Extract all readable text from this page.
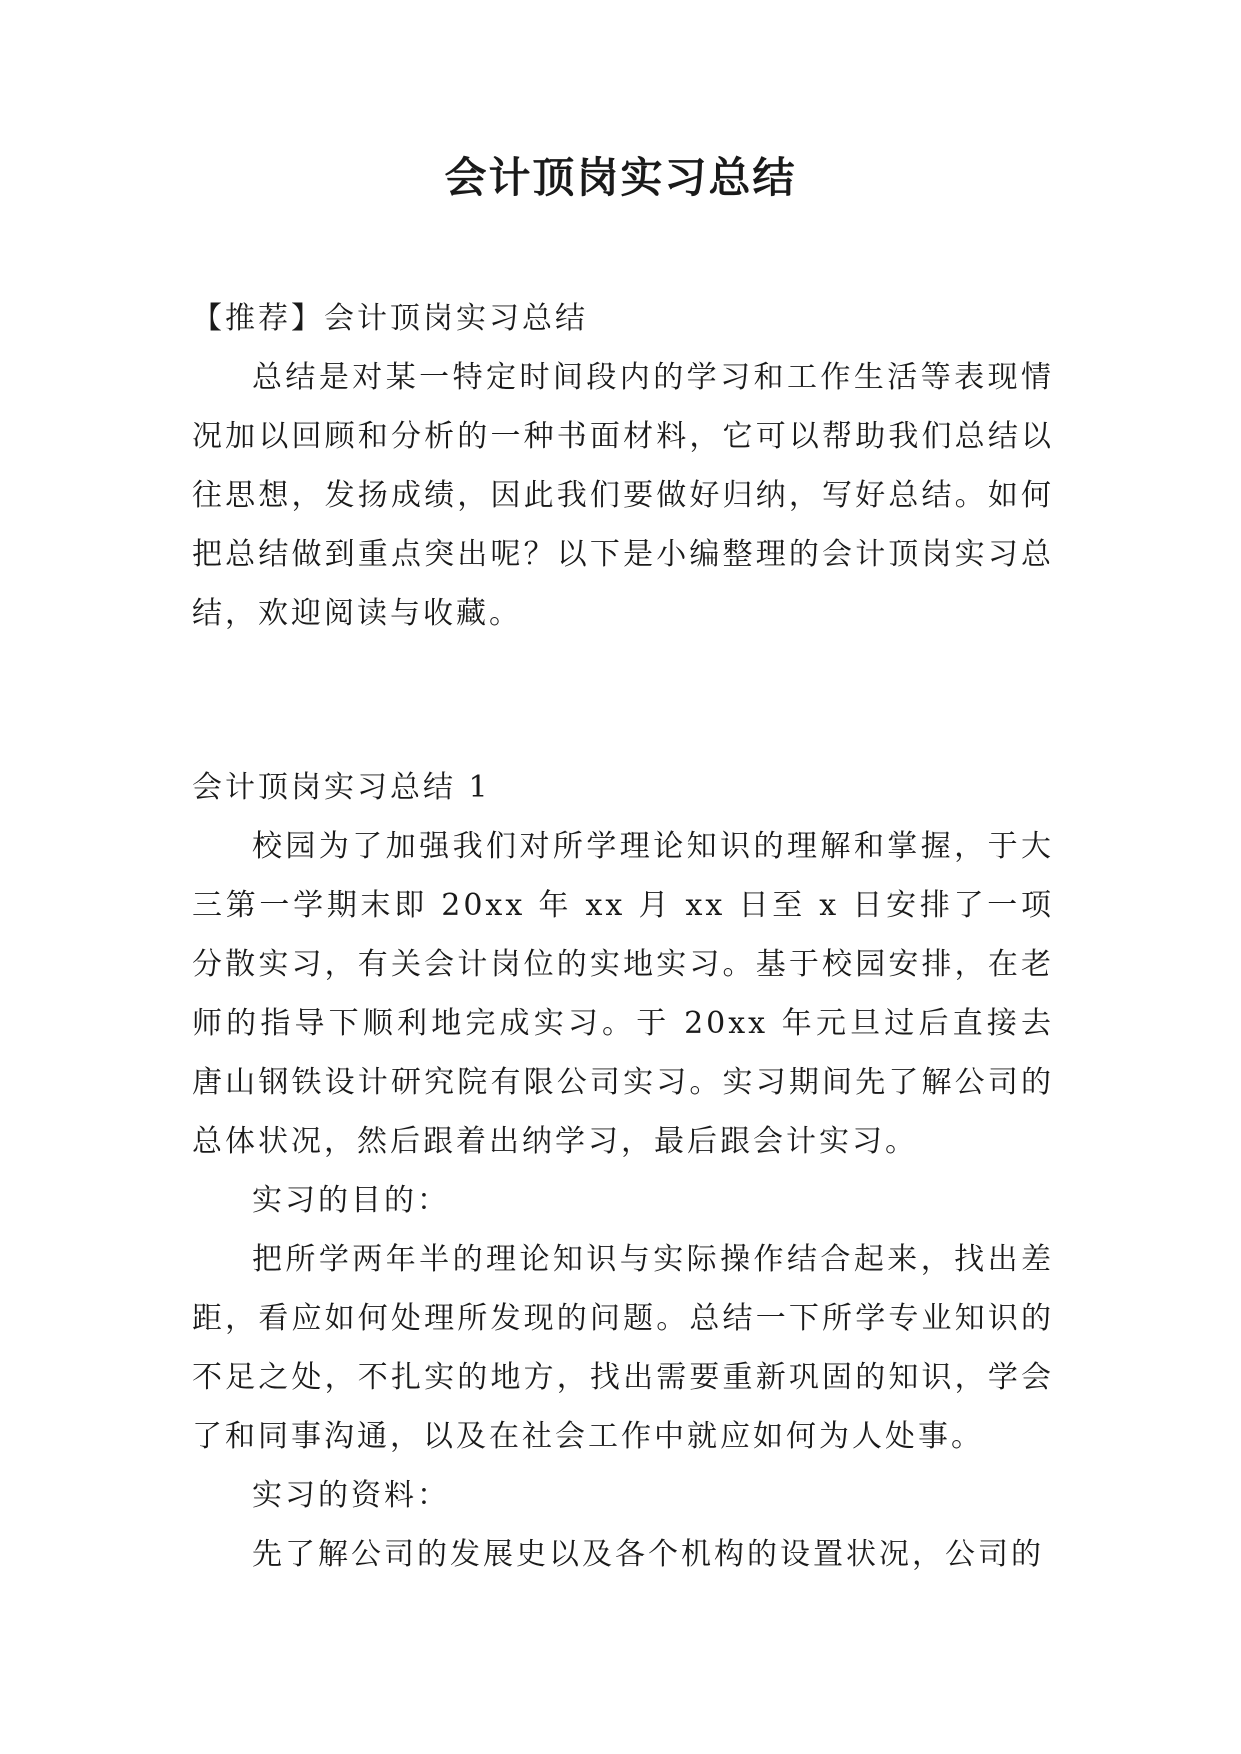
会计顶岗实习总结

【推荐】会计顶岗实习总结

总结是对某一特定时间段内的学习和工作生活等表现情况加以回顾和分析的一种书面材料，它可以帮助我们总结以往思想，发扬成绩，因此我们要做好归纳，写好总结。如何把总结做到重点突出呢？以下是小编整理的会计顶岗实习总结，欢迎阅读与收藏。

会计顶岗实习总结 1

校园为了加强我们对所学理论知识的理解和掌握，于大三第一学期末即 20xx 年 xx 月 xx 日至 x 日安排了一项分散实习，有关会计岗位的实地实习。基于校园安排，在老师的指导下顺利地完成实习。于 20xx 年元旦过后直接去唐山钢铁设计研究院有限公司实习。实习期间先了解公司的总体状况，然后跟着出纳学习，最后跟会计实习。

实习的目的：

把所学两年半的理论知识与实际操作结合起来，找出差距，看应如何处理所发现的问题。总结一下所学专业知识的不足之处，不扎实的地方，找出需要重新巩固的知识，学会了和同事沟通，以及在社会工作中就应如何为人处事。

实习的资料：

先了解公司的发展史以及各个机构的设置状况，公司的
